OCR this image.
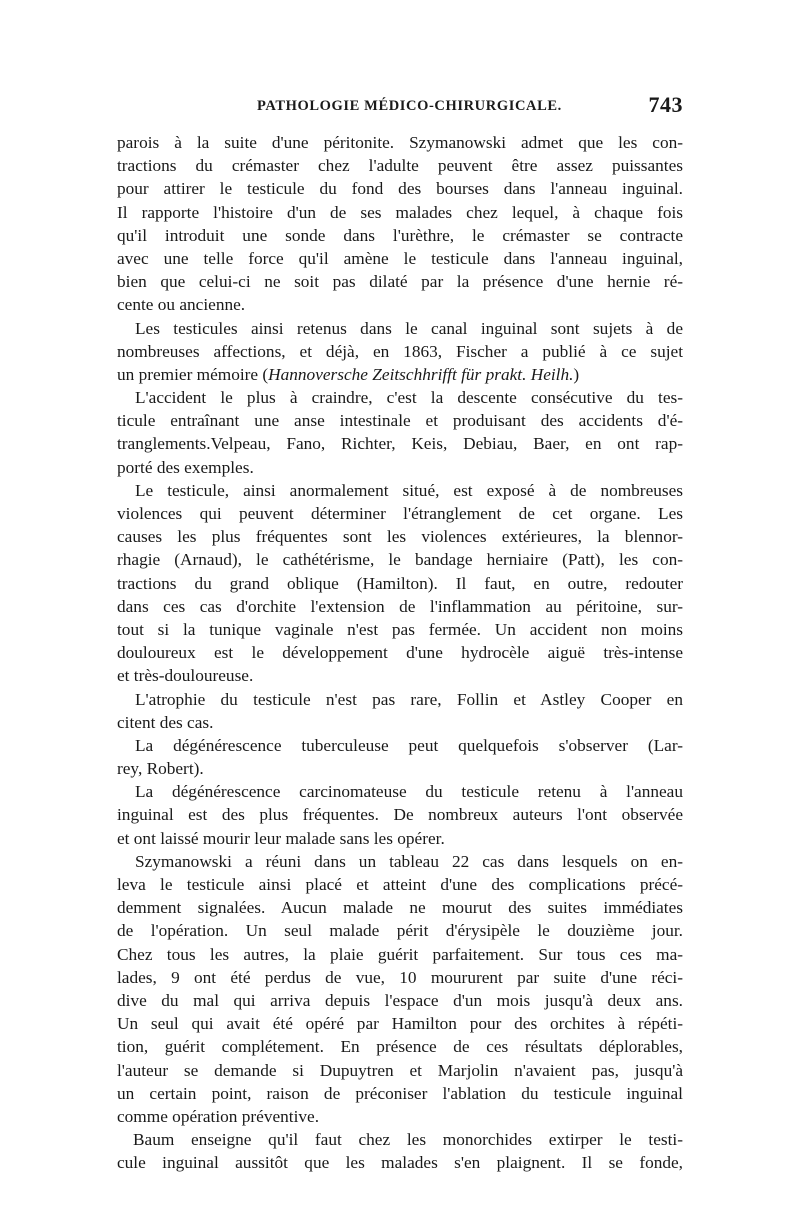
PATHOLOGIE MÉDICO-CHIRURGICALE.	743
parois à la suite d'une péritonite. Szymanowski admet que les con-
tractions du crémaster chez l'adulte peuvent être assez puissantes
pour attirer le testicule du fond des bourses dans l'anneau inguinal.
Il rapporte l'histoire d'un de ses malades chez lequel, à chaque fois
qu'il introduit une sonde dans l'urèthre, le crémaster se contracte
avec une telle force qu'il amène le testicule dans l'anneau inguinal,
bien que celui-ci ne soit pas dilaté par la présence d'une hernie ré-
cente ou ancienne.
Les testicules ainsi retenus dans le canal inguinal sont sujets à de
nombreuses affections, et déjà, en 1863, Fischer a publié à ce sujet
un premier mémoire (Hannoversche Zeitschhrifft für prakt. Heilh.)
L'accident le plus à craindre, c'est la descente consécutive du tes-
ticule entraînant une anse intestinale et produisant des accidents d'é-
tranglements.Velpeau, Fano, Richter, Keis, Debiau, Baer, en ont rap-
porté des exemples.
Le testicule, ainsi anormalement situé, est exposé à de nombreuses
violences qui peuvent déterminer l'étranglement de cet organe. Les
causes les plus fréquentes sont les violences extérieures, la blennor-
rhagie (Arnaud), le cathétérisme, le bandage herniaire (Patt), les con-
tractions du grand oblique (Hamilton). Il faut, en outre, redouter
dans ces cas d'orchite l'extension de l'inflammation au péritoine, sur-
tout si la tunique vaginale n'est pas fermée. Un accident non moins
douloureux est le développement d'une hydrocèle aiguë très-intense
et très-douloureuse.
L'atrophie du testicule n'est pas rare, Follin et Astley Cooper en
citent des cas.
La dégénérescence tuberculeuse peut quelquefois s'observer (Lar-
rey, Robert).
La dégénérescence carcinomateuse du testicule retenu à l'anneau
inguinal est des plus fréquentes. De nombreux auteurs l'ont observée
et ont laissé mourir leur malade sans les opérer.
Szymanowski a réuni dans un tableau 22 cas dans lesquels on en-
leva le testicule ainsi placé et atteint d'une des complications précé-
demment signalées. Aucun malade ne mourut des suites immédiates
de l'opération. Un seul malade périt d'érysipèle le douzième jour.
Chez tous les autres, la plaie guérit parfaitement. Sur tous ces ma-
lades, 9 ont été perdus de vue, 10 moururent par suite d'une réci-
dive du mal qui arriva depuis l'espace d'un mois jusqu'à deux ans.
Un seul qui avait été opéré par Hamilton pour des orchites à répéti-
tion, guérit complétement. En présence de ces résultats déplorables,
l'auteur se demande si Dupuytren et Marjolin n'avaient pas, jusqu'à
un certain point, raison de préconiser l'ablation du testicule inguinal
comme opération préventive.
Baum enseigne qu'il faut chez les monorchides extirper le testi-
cule inguinal aussitôt que les malades s'en plaignent. Il se fonde,
